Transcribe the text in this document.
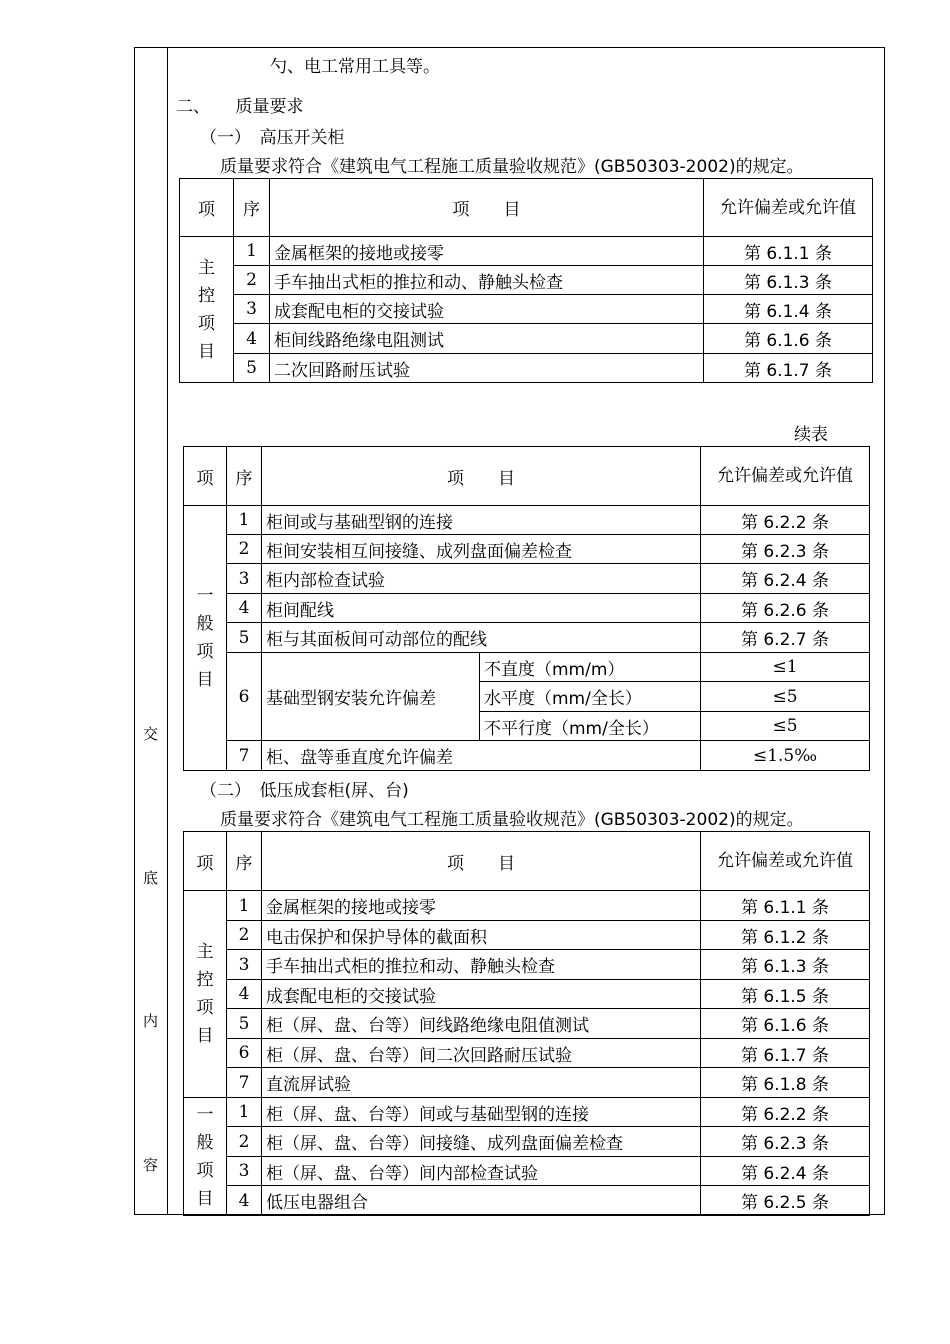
交
底
内
容
勺、电工常用工具等。
二、　　质量要求
（一）　高压开关柜
质量要求符合《建筑电气工程施工质量验收规范》(GB50303-2002)的规定。
项	序	项　　目	允许偏差或允许值
主控项目	1	金属框架的接地或接零	第 6.1.1 条
	2	手车抽出式柜的推拉和动、静触头检查	第 6.1.3 条
	3	成套配电柜的交接试验	第 6.1.4 条
	4	柜间线路绝缘电阻测试	第 6.1.6 条
	5	二次回路耐压试验	第 6.1.7 条
续表
项	序	项　　目		允许偏差或允许值
一般项目	1	柜间或与基础型钢的连接		第 6.2.2 条
	2	柜间安装相互间接缝、成列盘面偏差检查		第 6.2.3 条
	3	柜内部检查试验		第 6.2.4 条
	4	柜间配线		第 6.2.6 条
	5	柜与其面板间可动部位的配线		第 6.2.7 条
	6	基础型钢安装允许偏差	不直度（mm/m）	≤1
			水平度（mm/全长）	≤5
			不平行度（mm/全长）	≤5
	7	柜、盘等垂直度允许偏差		≤1.5‰
（二）　低压成套柜(屏、台)
质量要求符合《建筑电气工程施工质量验收规范》(GB50303-2002)的规定。
项	序	项　　目	允许偏差或允许值
主控项目	1	金属框架的接地或接零	第 6.1.1 条
	2	电击保护和保护导体的截面积	第 6.1.2 条
	3	手车抽出式柜的推拉和动、静触头检查	第 6.1.3 条
	4	成套配电柜的交接试验	第 6.1.5 条
	5	柜（屏、盘、台等）间线路绝缘电阻值测试	第 6.1.6 条
	6	柜（屏、盘、台等）间二次回路耐压试验	第 6.1.7 条
	7	直流屏试验	第 6.1.8 条
一般项目	1	柜（屏、盘、台等）间或与基础型钢的连接	第 6.2.2 条
	2	柜（屏、盘、台等）间接缝、成列盘面偏差检查	第 6.2.3 条
	3	柜（屏、盘、台等）间内部检查试验	第 6.2.4 条
	4	低压电器组合	第 6.2.5 条
